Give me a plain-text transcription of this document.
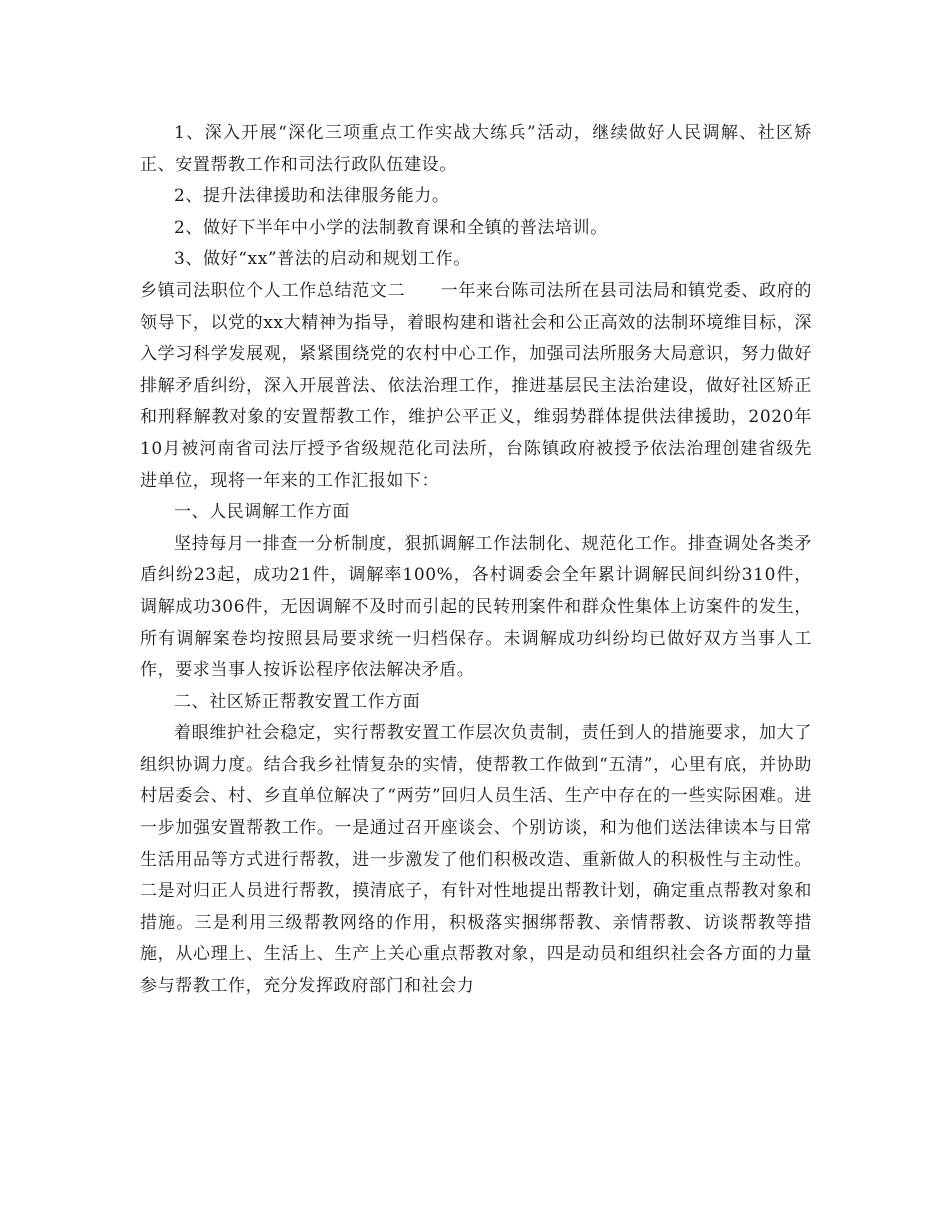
1、深入开展“深化三项重点工作实战大练兵”活动，继续做好人民调解、社区矫正、安置帮教工作和司法行政队伍建设。

2、提升法律援助和法律服务能力。

2、做好下半年中小学的法制教育课和全镇的普法培训。

3、做好“xx”普法的启动和规划工作。

乡镇司法职位个人工作总结范文二　　一年来台陈司法所在县司法局和镇党委、政府的领导下，以党的xx大精神为指导，着眼构建和谐社会和公正高效的法制环境维目标，深入学习科学发展观，紧紧围绕党的农村中心工作，加强司法所服务大局意识，努力做好排解矛盾纠纷，深入开展普法、依法治理工作，推进基层民主法治建设，做好社区矫正和刑释解教对象的安置帮教工作，维护公平正义，维弱势群体提供法律援助，2020年10月被河南省司法厅授予省级规范化司法所，台陈镇政府被授予依法治理创建省级先进单位，现将一年来的工作汇报如下：

一、人民调解工作方面

坚持每月一排查一分析制度，狠抓调解工作法制化、规范化工作。排查调处各类矛盾纠纷23起，成功21件，调解率100%，各村调委会全年累计调解民间纠纷310件，调解成功306件，无因调解不及时而引起的民转刑案件和群众性集体上访案件的发生，所有调解案卷均按照县局要求统一归档保存。未调解成功纠纷均已做好双方当事人工作，要求当事人按诉讼程序依法解决矛盾。

二、社区矫正帮教安置工作方面

着眼维护社会稳定，实行帮教安置工作层次负责制，责任到人的措施要求，加大了组织协调力度。结合我乡社情复杂的实情，使帮教工作做到“五清”，心里有底，并协助村居委会、村、乡直单位解决了“两劳”回归人员生活、生产中存在的一些实际困难。进一步加强安置帮教工作。一是通过召开座谈会、个别访谈，和为他们送法律读本与日常生活用品等方式进行帮教，进一步激发了他们积极改造、重新做人的积极性与主动性。二是对归正人员进行帮教，摸清底子，有针对性地提出帮教计划，确定重点帮教对象和措施。三是利用三级帮教网络的作用，积极落实捆绑帮教、亲情帮教、访谈帮教等措施，从心理上、生活上、生产上关心重点帮教对象，四是动员和组织社会各方面的力量参与帮教工作，充分发挥政府部门和社会力
